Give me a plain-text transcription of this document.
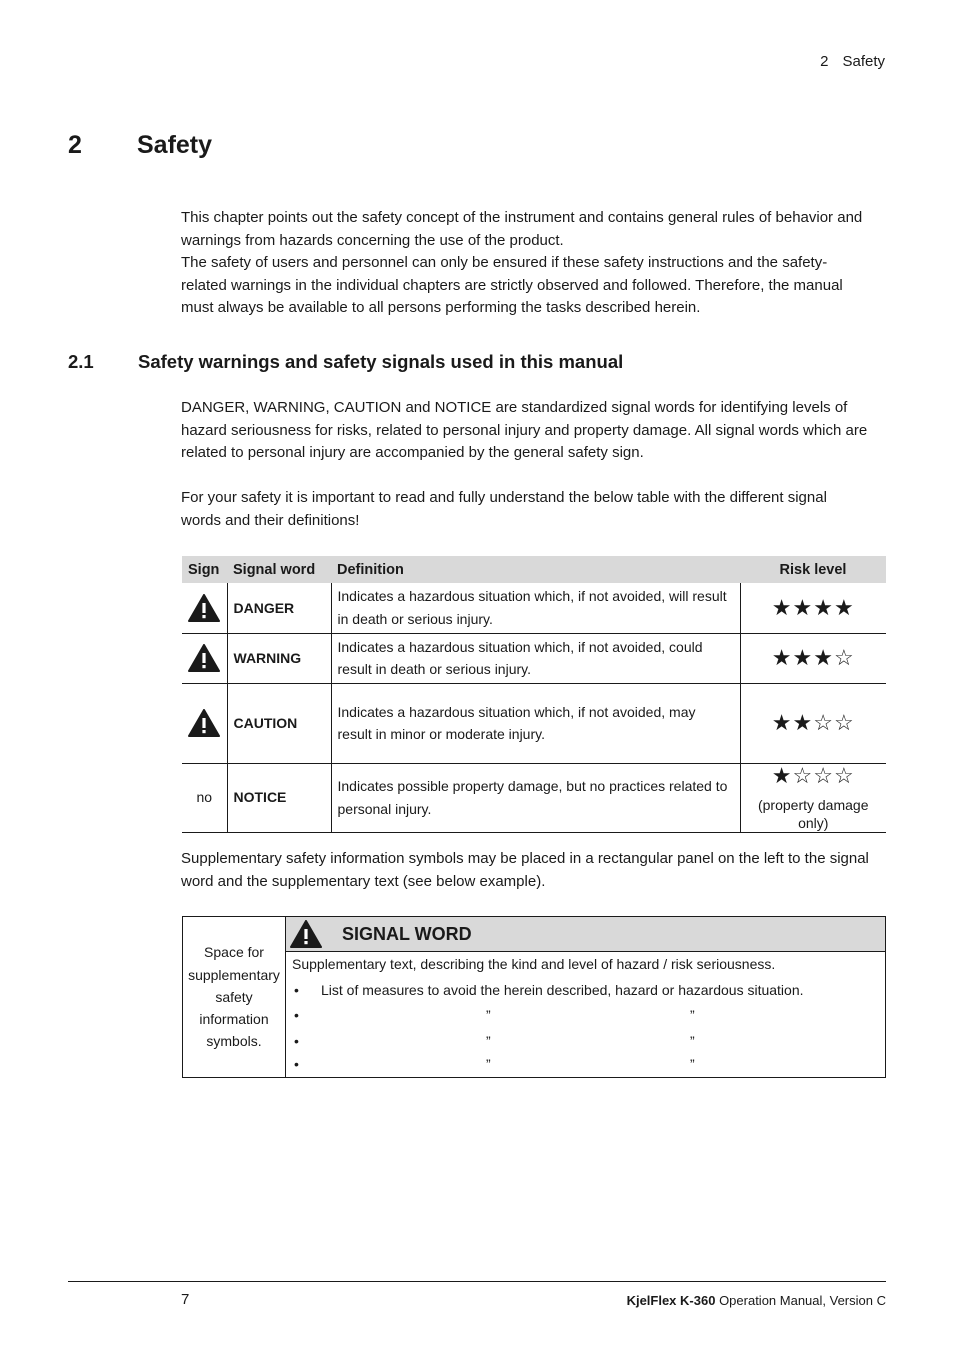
2 Safety
2 Safety
This chapter points out the safety concept of the instrument and contains general rules of behavior and warnings from hazards concerning the use of the product.
The safety of users and personnel can only be ensured if these safety instructions and the safety-related warnings in the individual chapters are strictly observed and followed. Therefore, the manual must always be available to all persons performing the tasks described herein.
2.1 Safety warnings and safety signals used in this manual

DANGER, WARNING, CAUTION and NOTICE are standardized signal words for identifying levels of hazard seriousness for risks, related to personal injury and property damage. All signal words which are related to personal injury are accompanied by the general safety sign.

For your safety it is important to read and fully understand the below table with the different signal words and their definitions!

Sign	Signal word	Definition	Risk level
	DANGER	Indicates a hazardous situation which, if not avoided, will result in death or serious injury.	★★★★

	WARNING	Indicates a hazardous situation which, if not avoided, could result in death or serious injury.	★★★☆

	CAUTION	Indicates a hazardous situation which, if not avoided, may result in minor or moderate injury.	★★☆☆

no	NOTICE	Indicates possible property damage, but no practices related to personal injury.	★☆☆☆
(property damage only)

Supplementary safety information symbols may be placed in a rectangular panel on the left to the signal word and the supplementary text (see below example).

Space for supplementary safety information symbols.
SIGNAL WORD
Supplementary text, describing the kind and level of hazard / risk seriousness.
• List of measures to avoid the herein described, hazard or hazardous situation.
•	”	”
•	”	”
•	”	”
7	KjelFlex K-360 Operation Manual, Version C
